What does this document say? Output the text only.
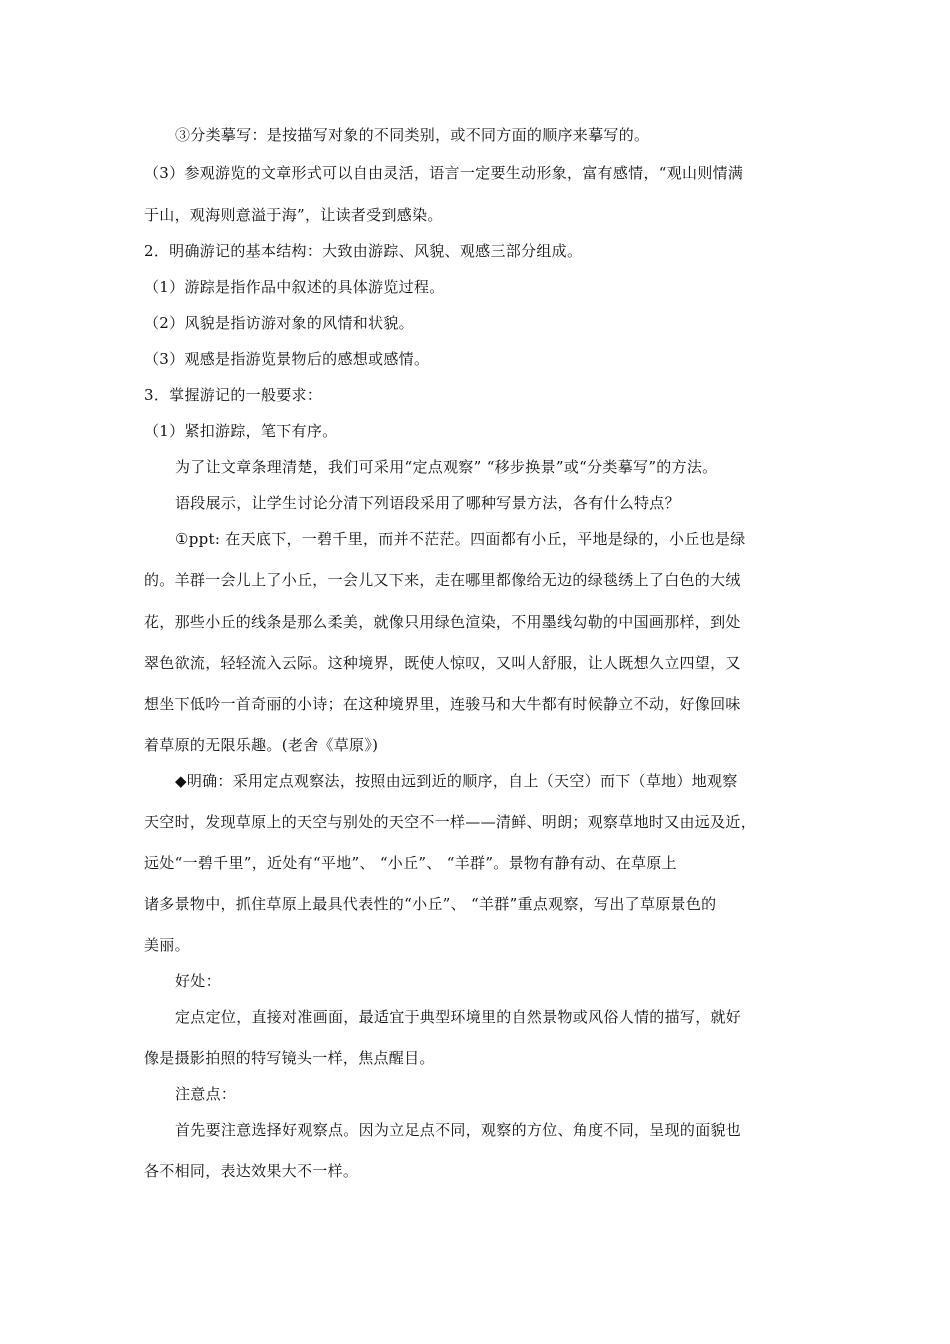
③分类摹写：是按描写对象的不同类别，或不同方面的顺序来摹写的。
（3）参观游览的文章形式可以自由灵活，语言一定要生动形象，富有感情，“观山则情满
于山，观海则意溢于海”，让读者受到感染。
2．明确游记的基本结构：大致由游踪、风貌、观感三部分组成。
（1）游踪是指作品中叙述的具体游览过程。
（2）风貌是指访游对象的风情和状貌。
（3）观感是指游览景物后的感想或感情。
3．掌握游记的一般要求：
（1）紧扣游踪，笔下有序。
为了让文章条理清楚，我们可采用“定点观察” “移步换景”或“分类摹写”的方法。
语段展示，让学生讨论分清下列语段采用了哪种写景方法，各有什么特点？
①ppt: 在天底下，一碧千里，而并不茫茫。四面都有小丘，平地是绿的，小丘也是绿
的。羊群一会儿上了小丘，一会儿又下来，走在哪里都像给无边的绿毯绣上了白色的大绒
花，那些小丘的线条是那么柔美，就像只用绿色渲染，不用墨线勾勒的中国画那样，到处
翠色欲流，轻轻流入云际。这种境界，既使人惊叹，又叫人舒服，让人既想久立四望，又
想坐下低吟一首奇丽的小诗；在这种境界里，连骏马和大牛都有时候静立不动，好像回味
着草原的无限乐趣。(老舍《草原》)
◆明确：采用定点观察法，按照由远到近的顺序，自上（天空）而下（草地）地观察
天空时，发现草原上的天空与别处的天空不一样——清鲜、明朗；观察草地时又由远及近，
远处“一碧千里”，近处有“平地”、 “小丘”、 “羊群”。景物有静有动、在草原上
诸多景物中，抓住草原上最具代表性的“小丘”、 “羊群”重点观察，写出了草原景色的
美丽。
好处：
定点定位，直接对准画面，最适宜于典型环境里的自然景物或风俗人情的描写，就好
像是摄影拍照的特写镜头一样，焦点醒目。
注意点：
首先要注意选择好观察点。因为立足点不同，观察的方位、角度不同，呈现的面貌也
各不相同，表达效果大不一样。
